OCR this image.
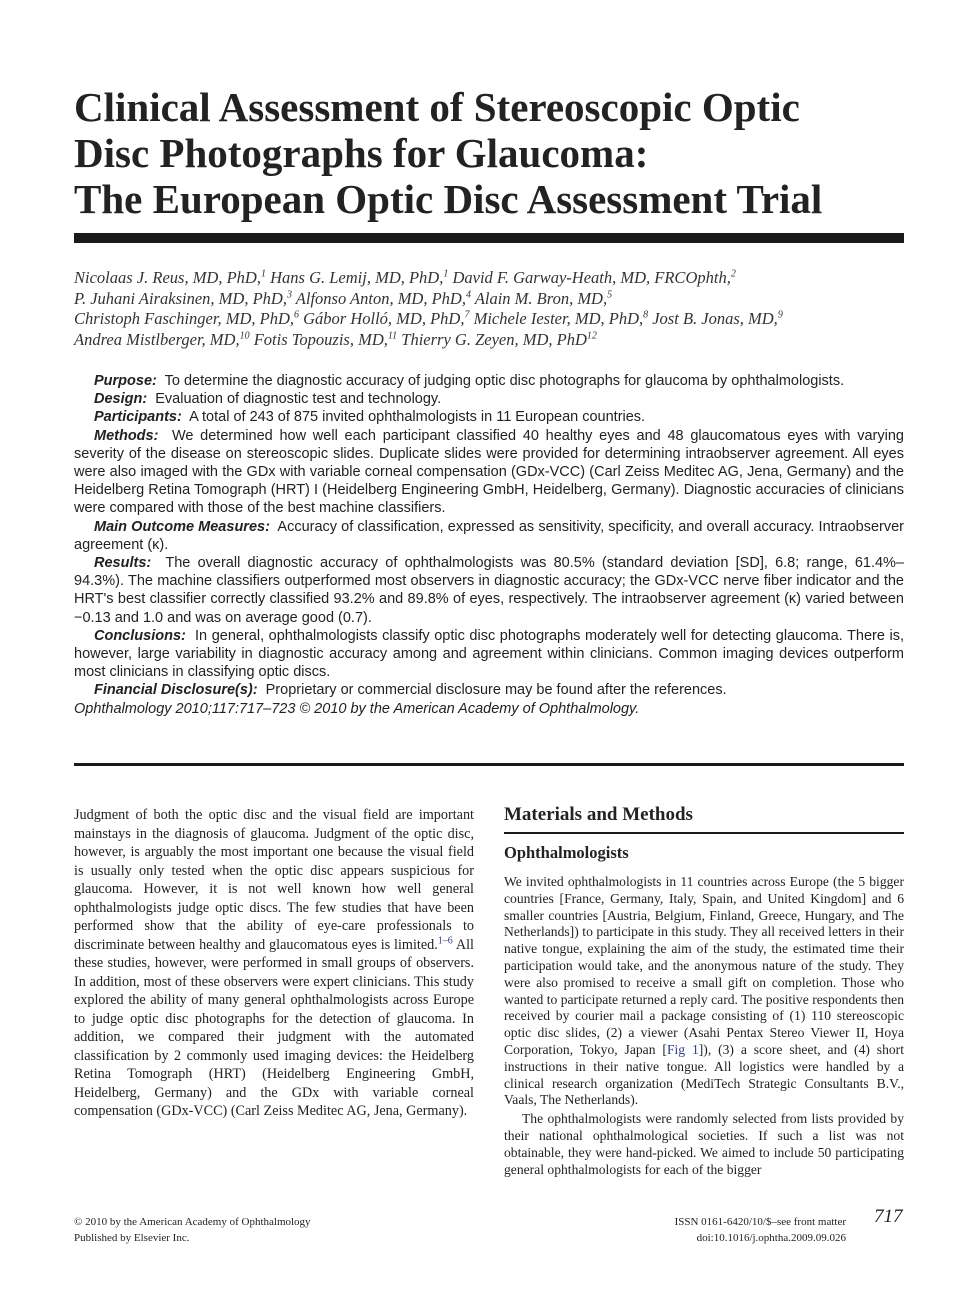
Clinical Assessment of Stereoscopic Optic
Disc Photographs for Glaucoma:
The European Optic Disc Assessment Trial
Nicolaas J. Reus, MD, PhD,$^1$ Hans G. Lemij, MD, PhD,$^1$ David F. Garway-Heath, MD, FRCOphth,$^2$
P. Juhani Airaksinen, MD, PhD,$^3$ Alfonso Anton, MD, PhD,$^4$ Alain M. Bron, MD,$^5$
Christoph Faschinger, MD, PhD,$^6$ Gábor Holló, MD, PhD,$^7$ Michele Iester, MD, PhD,$^8$ Jost B. Jonas, MD,$^9$
Andrea Mistlberger, MD,$^{10}$ Fotis Topouzis, MD,$^{11}$ Thierry G. Zeyen, MD, PhD$^{12}$

Purpose: To determine the diagnostic accuracy of judging optic disc photographs for glaucoma by ophthalmologists.

Design: Evaluation of diagnostic test and technology.

Participants: A total of 243 of 875 invited ophthalmologists in 11 European countries.

Methods: We determined how well each participant classified 40 healthy eyes and 48 glaucomatous eyes with varying severity of the disease on stereoscopic slides. Duplicate slides were provided for determining intraobserver agreement. All eyes were also imaged with the GDx with variable corneal compensation (GDx-VCC) (Carl Zeiss Meditec AG, Jena, Germany) and the Heidelberg Retina Tomograph (HRT) I (Heidelberg Engineering GmbH, Heidelberg, Germany). Diagnostic accuracies of clinicians were compared with those of the best machine classifiers.

Main Outcome Measures: Accuracy of classification, expressed as sensitivity, specificity, and overall accuracy. Intraobserver agreement (κ).

Results: The overall diagnostic accuracy of ophthalmologists was 80.5% (standard deviation [SD], 6.8; range, 61.4%–94.3%). The machine classifiers outperformed most observers in diagnostic accuracy; the GDx-VCC nerve fiber indicator and the HRT's best classifier correctly classified 93.2% and 89.8% of eyes, respectively. The intraobserver agreement (κ) varied between −0.13 and 1.0 and was on average good (0.7).

Conclusions: In general, ophthalmologists classify optic disc photographs moderately well for detecting glaucoma. There is, however, large variability in diagnostic accuracy among and agreement within clinicians. Common imaging devices outperform most clinicians in classifying optic discs.

Financial Disclosure(s): Proprietary or commercial disclosure may be found after the references.
Ophthalmology 2010;117:717–723 © 2010 by the American Academy of Ophthalmology.

Judgment of both the optic disc and the visual field are important mainstays in the diagnosis of glaucoma. Judgment of the optic disc, however, is arguably the most important one because the visual field is usually only tested when the optic disc appears suspicious for glaucoma. However, it is not well known how well general ophthalmologists judge optic discs. The few studies that have been performed show that the ability of eye-care professionals to discriminate between healthy and glaucomatous eyes is limited.$^{1-6}$ All these studies, however, were performed in small groups of observers. In addition, most of these observers were expert clinicians. This study explored the ability of many general ophthalmologists across Europe to judge optic disc photographs for the detection of glaucoma. In addition, we compared their judgment with the automated classification by 2 commonly used imaging devices: the Heidelberg Retina Tomograph (HRT) (Heidelberg Engineering GmbH, Heidelberg, Germany) and the GDx with variable corneal compensation (GDx-VCC) (Carl Zeiss Meditec AG, Jena, Germany).

Materials and Methods
Ophthalmologists

We invited ophthalmologists in 11 countries across Europe (the 5 bigger countries [France, Germany, Italy, Spain, and United Kingdom] and 6 smaller countries [Austria, Belgium, Finland, Greece, Hungary, and The Netherlands]) to participate in this study. They all received letters in their native tongue, explaining the aim of the study, the estimated time their participation would take, and the anonymous nature of the study. They were also promised to receive a small gift on completion. Those who wanted to participate returned a reply card. The positive respondents then received by courier mail a package consisting of (1) 110 stereoscopic optic disc slides, (2) a viewer (Asahi Pentax Stereo Viewer II, Hoya Corporation, Tokyo, Japan [Fig 1]), (3) a score sheet, and (4) short instructions in their native tongue. All logistics were handled by a clinical research organization (MediTech Strategic Consultants B.V., Vaals, The Netherlands).

The ophthalmologists were randomly selected from lists provided by their national ophthalmological societies. If such a list was not obtainable, they were hand-picked. We aimed to include 50 participating general ophthalmologists for each of the bigger

© 2010 by the American Academy of Ophthalmology
Published by Elsevier Inc.
ISSN 0161-6420/10/$–see front matter
doi:10.1016/j.ophtha.2009.09.026
717
